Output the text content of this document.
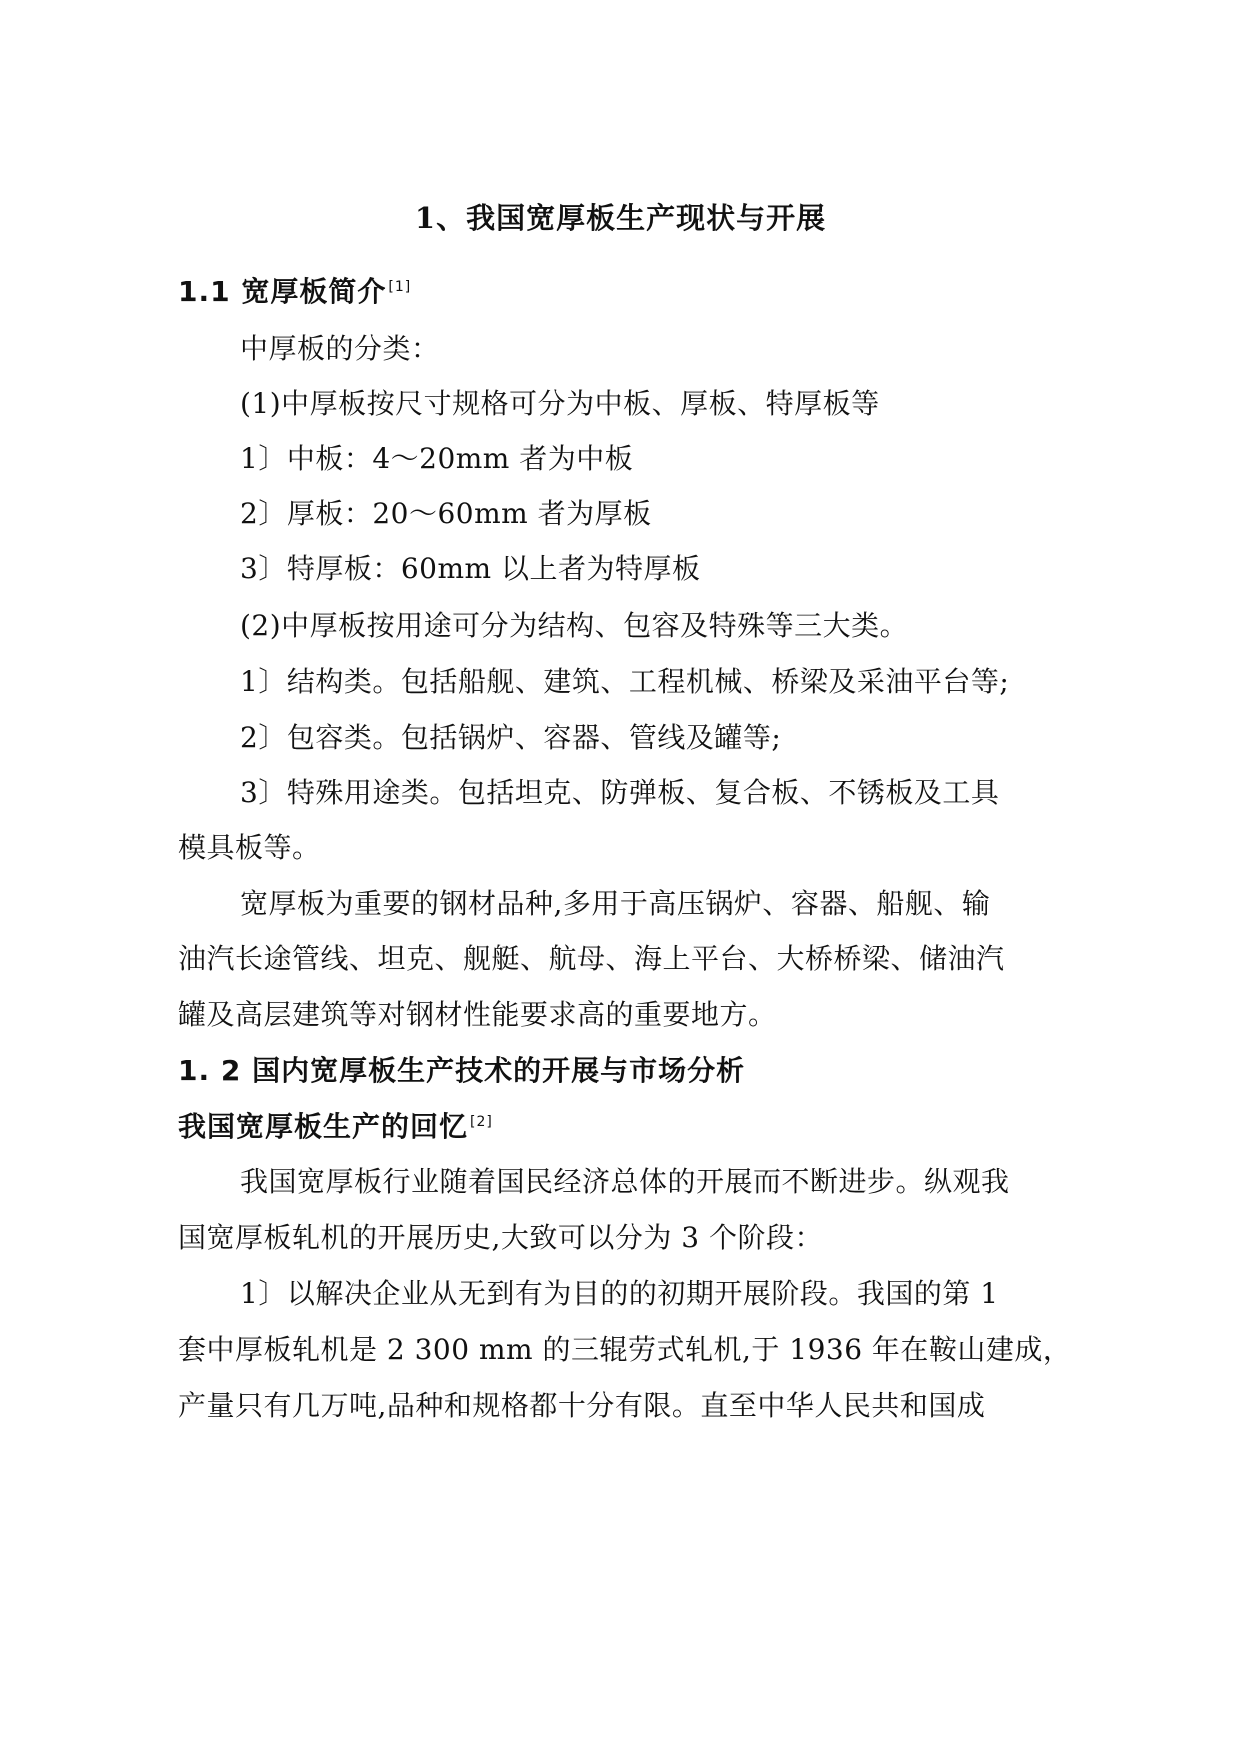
1、我国宽厚板生产现状与开展
1.1 宽厚板简介 [1]
中厚板的分类：
(1)中厚板按尺寸规格可分为中板、厚板、特厚板等
1〕中板：4～20mm 者为中板
2〕厚板：20～60mm 者为厚板
3〕特厚板：60mm 以上者为特厚板
(2)中厚板按用途可分为结构、包容及特殊等三大类。
1〕结构类。包括船舰、建筑、工程机械、桥梁及采油平台等;
2〕包容类。包括锅炉、容器、管线及罐等;
3〕特殊用途类。包括坦克、防弹板、复合板、不锈板及工具
模具板等。
宽厚板为重要的钢材品种,多用于高压锅炉、容器、船舰、输
油汽长途管线、坦克、舰艇、航母、海上平台、大桥桥梁、储油汽
罐及高层建筑等对钢材性能要求高的重要地方。
1. 2 国内宽厚板生产技术的开展与市场分析
我国宽厚板生产的回忆 [2]
我国宽厚板行业随着国民经济总体的开展而不断进步。纵观我
国宽厚板轧机的开展历史,大致可以分为 3 个阶段：
1〕以解决企业从无到有为目的的初期开展阶段。我国的第 1
套中厚板轧机是 2 300 mm 的三辊劳式轧机,于 1936 年在鞍山建成，
产量只有几万吨,品种和规格都十分有限。直至中华人民共和国成
